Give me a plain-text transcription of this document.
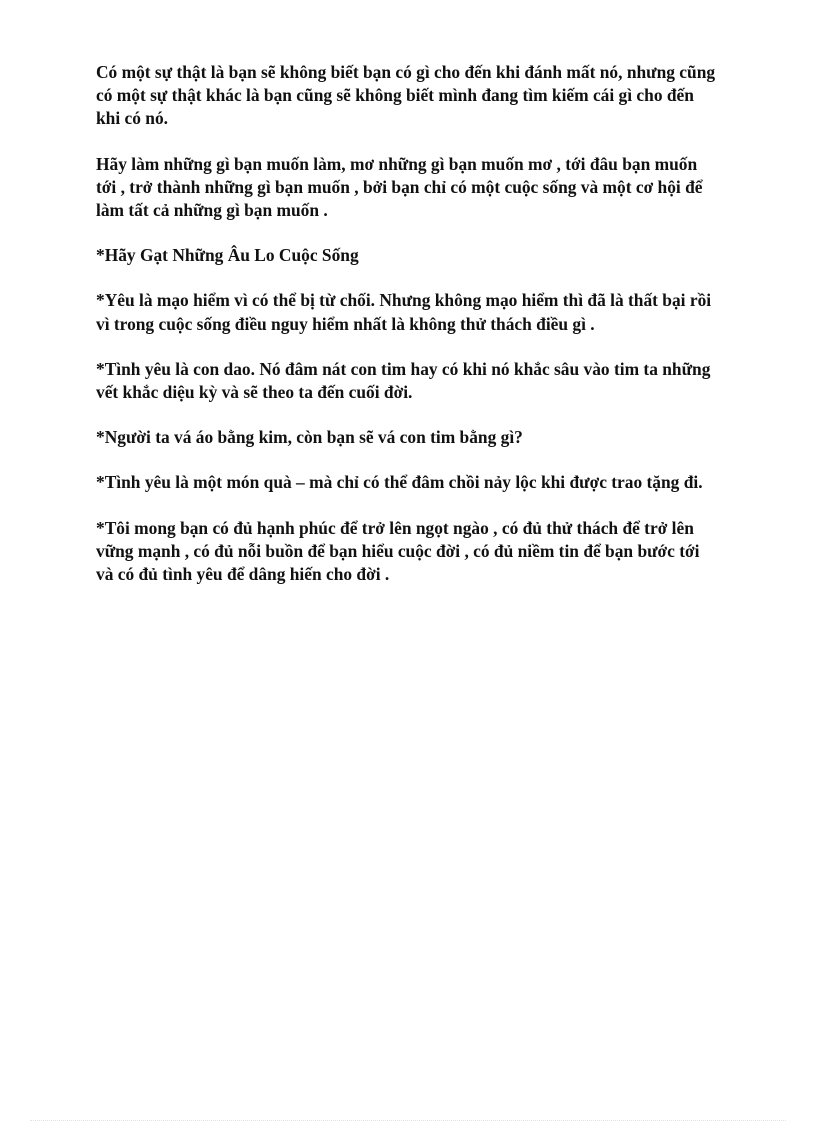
Có một sự thật là bạn sẽ không biết bạn có gì cho đến khi đánh mất nó, nhưng cũng
có một sự thật khác là bạn cũng sẽ không biết mình đang tìm kiếm cái gì cho đến
khi có nó.

Hãy làm những gì bạn muốn làm, mơ những gì bạn muốn mơ , tới đâu bạn muốn
tới , trở thành những gì bạn muốn , bởi bạn chỉ có một cuộc sống và một cơ hội để
làm tất cả những gì bạn muốn .

*Hãy Gạt Những Âu Lo Cuộc Sống

*Yêu là mạo hiểm vì có thể bị từ chối. Nhưng không mạo hiểm thì đã là thất bại rồi
vì trong cuộc sống điều nguy hiểm nhất là không thử thách điều gì .

*Tình yêu là con dao. Nó đâm nát con tim hay có khi nó khắc sâu vào tim ta những
vết khắc diệu kỳ và sẽ theo ta đến cuối đời.

*Người ta vá áo bằng kim, còn bạn sẽ vá con tim bằng gì?

*Tình yêu là một món quà – mà chỉ có thể đâm chồi nảy lộc khi được trao tặng đi.

*Tôi mong bạn có đủ hạnh phúc để trở lên ngọt ngào , có đủ thử thách để trở lên
vững mạnh , có đủ nỗi buồn để bạn hiểu cuộc đời , có đủ niềm tin để bạn bước tới
và có đủ tình yêu để dâng hiến cho đời .
